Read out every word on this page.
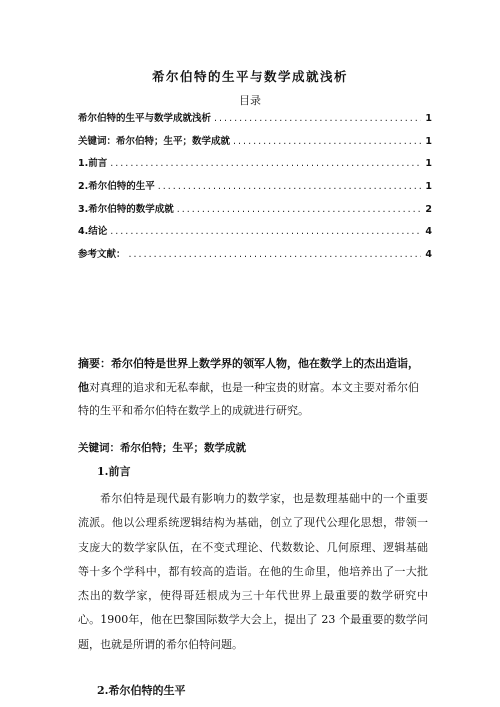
希尔伯特的生平与数学成就浅析
目录
希尔伯特的生平与数学成就浅析 .....	1
关键词：希尔伯特；生平；数学成就 .....	1
1.前言 .....	1
2.希尔伯特的生平 .....	1
3.希尔伯特的数学成就 .....	2
4.结论 .....	4
参考文献： .....	4
摘要：希尔伯特是世界上数学界的领军人物，他在数学上的杰出造诣，他对真理的追求和无私奉献，也是一种宝贵的财富。本文主要对希尔伯特的生平和希尔伯特在数学上的成就进行研究。
关键词：希尔伯特；生平；数学成就
1.前言
希尔伯特是现代最有影响力的数学家，也是数理基础中的一个重要流派。他以公理系统逻辑结构为基础，创立了现代公理化思想，带领一支庞大的数学家队伍，在不变式理论、代数数论、几何原理、逻辑基础等十多个学科中，都有较高的造诣。在他的生命里，他培养出了一大批杰出的数学家，使得哥廷根成为三十年代世界上最重要的数学研究中心。1900年，他在巴黎国际数学大会上，提出了 23 个最重要的数学问题，也就是所谓的希尔伯特问题。
2.希尔伯特的生平
